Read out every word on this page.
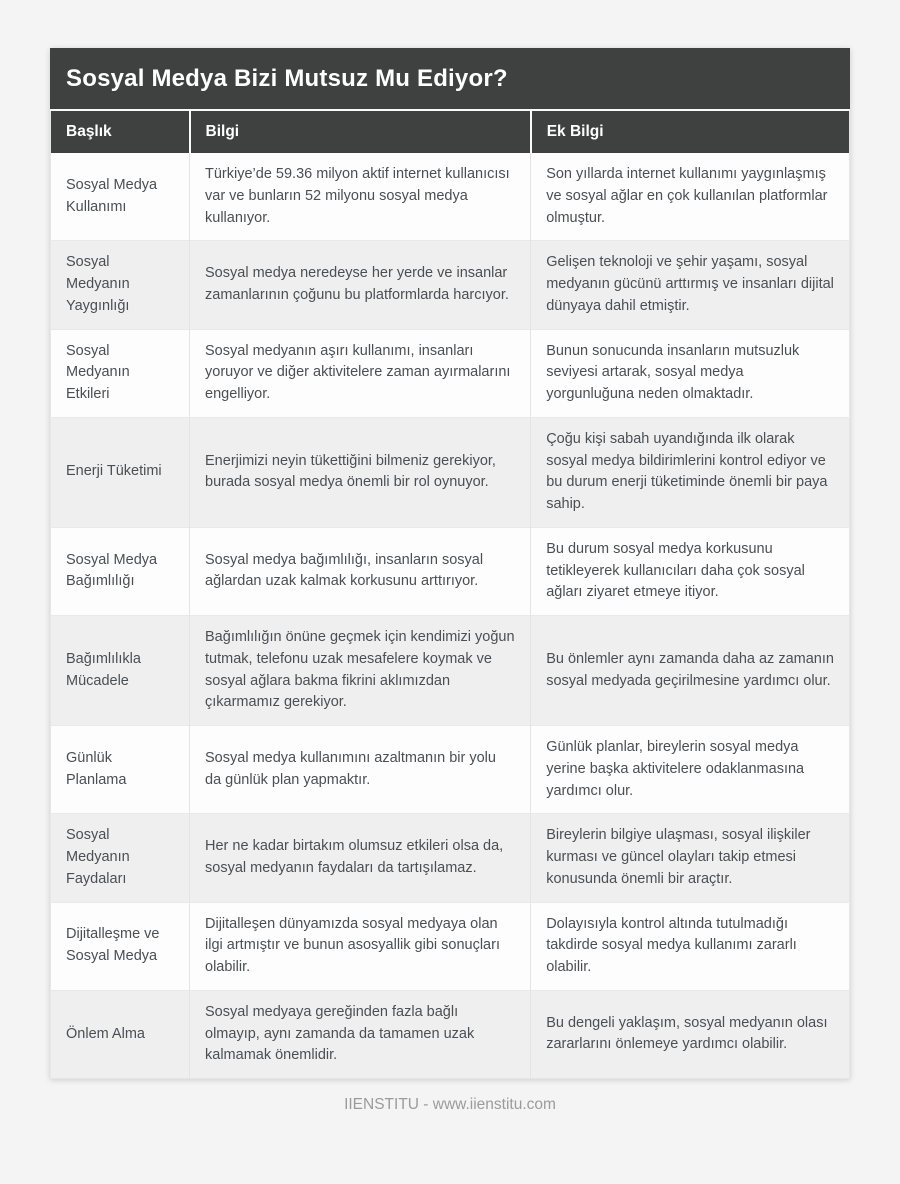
Sosyal Medya Bizi Mutsuz Mu Ediyor?
Başlık	Bilgi	Ek Bilgi
Sosyal Medya Kullanımı	Türkiye’de 59.36 milyon aktif internet kullanıcısı var ve bunların 52 milyonu sosyal medya kullanıyor.	Son yıllarda internet kullanımı yaygınlaşmış ve sosyal ağlar en çok kullanılan platformlar olmuştur.
Sosyal Medyanın Yaygınlığı	Sosyal medya neredeyse her yerde ve insanlar zamanlarının çoğunu bu platformlarda harcıyor.	Gelişen teknoloji ve şehir yaşamı, sosyal medyanın gücünü arttırmış ve insanları dijital dünyaya dahil etmiştir.
Sosyal Medyanın Etkileri	Sosyal medyanın aşırı kullanımı, insanları yoruyor ve diğer aktivitelere zaman ayırmalarını engelliyor.	Bunun sonucunda insanların mutsuzluk seviyesi artarak, sosyal medya yorgunluğuna neden olmaktadır.
Enerji Tüketimi	Enerjimizi neyin tükettiğini bilmeniz gerekiyor, burada sosyal medya önemli bir rol oynuyor.	Çoğu kişi sabah uyandığında ilk olarak sosyal medya bildirimlerini kontrol ediyor ve bu durum enerji tüketiminde önemli bir paya sahip.
Sosyal Medya Bağımlılığı	Sosyal medya bağımlılığı, insanların sosyal ağlardan uzak kalmak korkusunu arttırıyor.	Bu durum sosyal medya korkusunu tetikleyerek kullanıcıları daha çok sosyal ağları ziyaret etmeye itiyor.
Bağımlılıkla Mücadele	Bağımlılığın önüne geçmek için kendimizi yoğun tutmak, telefonu uzak mesafelere koymak ve sosyal ağlara bakma fikrini aklımızdan çıkarmamız gerekiyor.	Bu önlemler aynı zamanda daha az zamanın sosyal medyada geçirilmesine yardımcı olur.
Günlük Planlama	Sosyal medya kullanımını azaltmanın bir yolu da günlük plan yapmaktır.	Günlük planlar, bireylerin sosyal medya yerine başka aktivitelere odaklanmasına yardımcı olur.
Sosyal Medyanın Faydaları	Her ne kadar birtakım olumsuz etkileri olsa da, sosyal medyanın faydaları da tartışılamaz.	Bireylerin bilgiye ulaşması, sosyal ilişkiler kurması ve güncel olayları takip etmesi konusunda önemli bir araçtır.
Dijitalleşme ve Sosyal Medya	Dijitalleşen dünyamızda sosyal medyaya olan ilgi artmıştır ve bunun asosyallik gibi sonuçları olabilir.	Dolayısıyla kontrol altında tutulmadığı takdirde sosyal medya kullanımı zararlı olabilir.
Önlem Alma	Sosyal medyaya gereğinden fazla bağlı olmayıp, aynı zamanda da tamamen uzak kalmamak önemlidir.	Bu dengeli yaklaşım, sosyal medyanın olası zararlarını önlemeye yardımcı olabilir.
IIENSTITU - www.iienstitu.com
